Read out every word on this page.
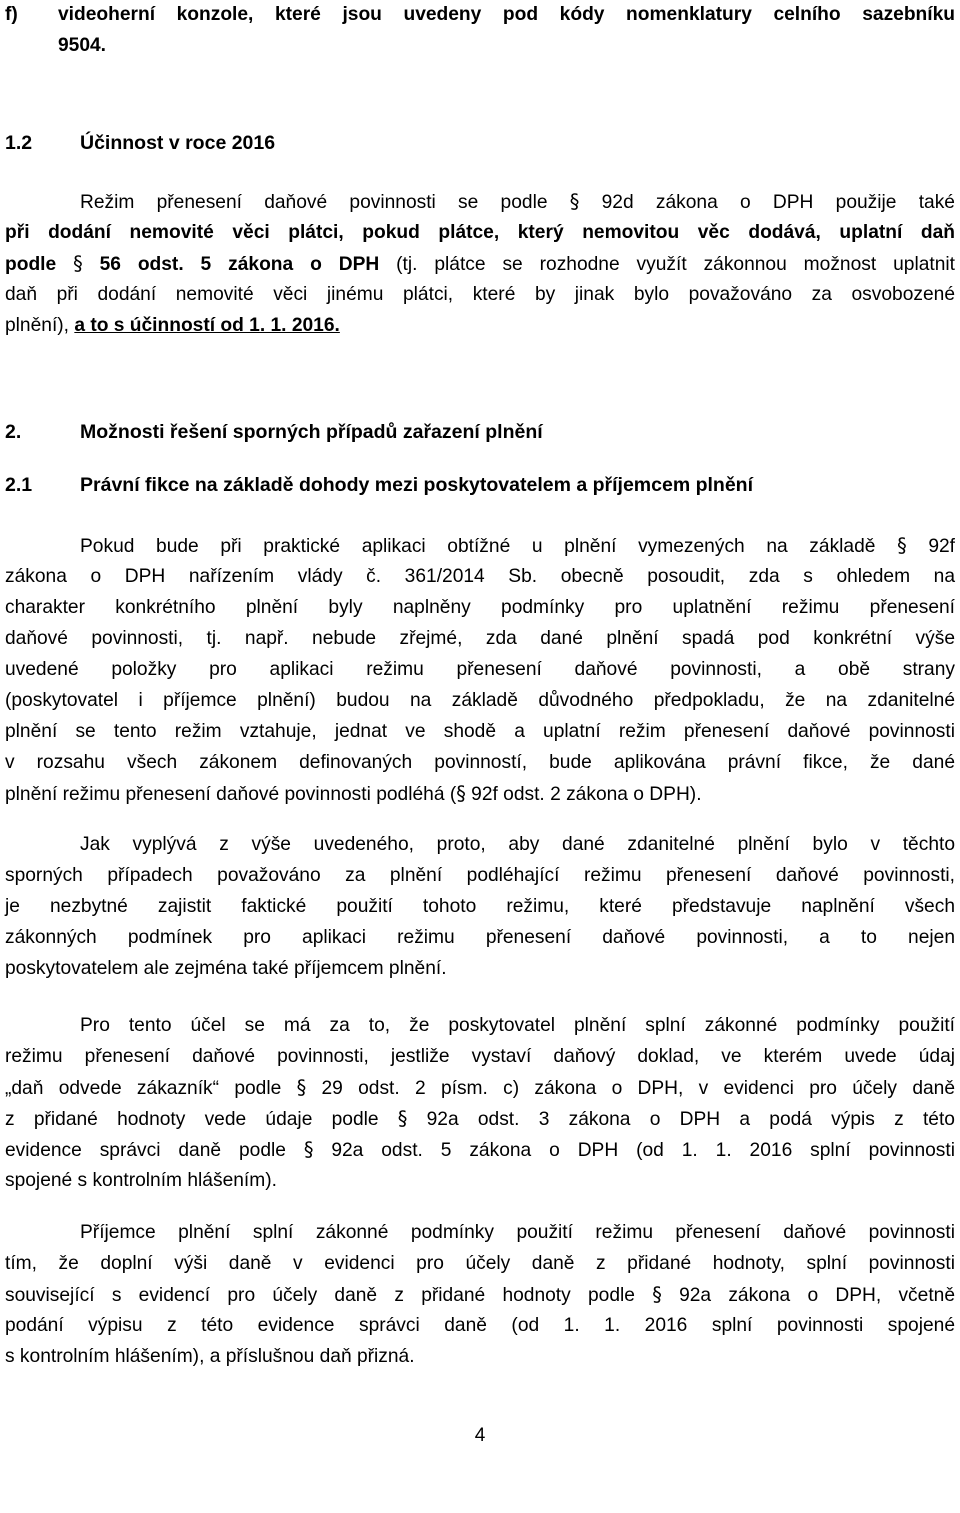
f) videoherní konzole, které jsou uvedeny pod kódy nomenklatury celního sazebníku
9504.
1.2 Účinnost v roce 2016
Režim přenesení daňové povinnosti se podle § 92d zákona o DPH použije také
při dodání nemovité věci plátci, pokud plátce, který nemovitou věc dodává, uplatní daň
podle § 56 odst. 5 zákona o DPH (tj. plátce se rozhodne využít zákonnou možnost uplatnit
daň při dodání nemovité věci jinému plátci, které by jinak bylo považováno za osvobozené
plnění), a to s účinností od 1. 1. 2016.
2.	Možnosti řešení sporných případů zařazení plnění
2.1 Právní fikce na základě dohody mezi poskytovatelem a příjemcem plnění
Pokud bude při praktické aplikaci obtížné u plnění vymezených na základě § 92f
zákona o DPH nařízením vlády č. 361/2014 Sb. obecně posoudit, zda s ohledem na
charakter konkrétního plnění byly naplněny podmínky pro uplatnění režimu přenesení
daňové povinnosti, tj. např. nebude zřejmé, zda dané plnění spadá pod konkrétní výše
uvedené položky pro aplikaci režimu přenesení daňové povinnosti, a obě strany
(poskytovatel i příjemce plnění) budou na základě důvodného předpokladu, že na zdanitelné
plnění se tento režim vztahuje, jednat ve shodě a uplatní režim přenesení daňové povinnosti
v rozsahu všech zákonem definovaných povinností, bude aplikována právní fikce, že dané
plnění režimu přenesení daňové povinnosti podléhá (§ 92f odst. 2 zákona o DPH).
Jak vyplývá z výše uvedeného, proto, aby dané zdanitelné plnění bylo v těchto
sporných případech považováno za plnění podléhající režimu přenesení daňové povinnosti,
je nezbytné zajistit faktické použití tohoto režimu, které představuje naplnění všech
zákonných podmínek pro aplikaci režimu přenesení daňové povinnosti, a to nejen
poskytovatelem ale zejména také příjemcem plnění.
Pro tento účel se má za to, že poskytovatel plnění splní zákonné podmínky použití
režimu přenesení daňové povinnosti, jestliže vystaví daňový doklad, ve kterém uvede údaj
„daň odvede zákazník“ podle § 29 odst. 2 písm. c) zákona o DPH, v evidenci pro účely daně
z přidané hodnoty vede údaje podle § 92a odst. 3 zákona o DPH a podá výpis z této
evidence správci daně podle § 92a odst. 5 zákona o DPH (od 1. 1. 2016 splní povinnosti
spojené s kontrolním hlášením).
Příjemce plnění splní zákonné podmínky použití režimu přenesení daňové povinnosti
tím, že doplní výši daně v evidenci pro účely daně z přidané hodnoty, splní povinnosti
související s evidencí pro účely daně z přidané hodnoty podle § 92a zákona o DPH, včetně
podání výpisu z této evidence správci daně (od 1. 1. 2016 splní povinnosti spojené
s kontrolním hlášením), a příslušnou daň přizná.
4
